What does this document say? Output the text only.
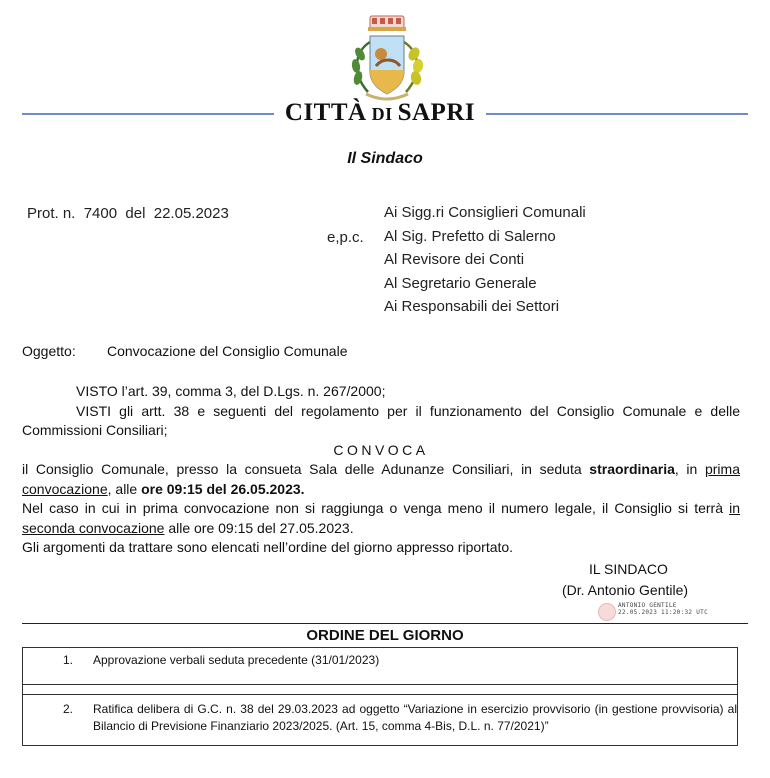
CITTÀ DI SAPRI
Il Sindaco
Prot. n.  7400  del  22.05.2023
e,p.c.
Ai Sigg.ri Consiglieri Comunali
Al Sig. Prefetto di Salerno
Al Revisore dei Conti
Al Segretario Generale
Ai Responsabili dei Settori
Oggetto: Convocazione del Consiglio Comunale

VISTO l’art. 39, comma 3, del D.Lgs. n. 267/2000;

VISTI gli artt. 38 e seguenti del regolamento per il funzionamento del Consiglio Comunale e delle Commissioni Consiliari;

CONVOCA

il Consiglio Comunale, presso la consueta Sala delle Adunanze Consiliari, in seduta straordinaria, in prima convocazione, alle ore 09:15 del 26.05.2023.

Nel caso in cui in prima convocazione non si raggiunga o venga meno il numero legale, il Consiglio si terrà in seconda convocazione alle ore 09:15 del 27.05.2023.

Gli argomenti da trattare sono elencati nell’ordine del giorno appresso riportato.

IL SINDACO
(Dr. Antonio Gentile)
ANTONIO GENTILE
22.05.2023 11:20:32 UTC
ORDINE DEL GIORNO
1.	Approvazione verbali seduta precedente (31/01/2023)

2.	Ratifica delibera di G.C. n. 38 del 29.03.2023 ad oggetto “Variazione in esercizio provvisorio (in gestione provvisoria) al Bilancio di Previsione Finanziario 2023/2025. (Art. 15, comma 4-Bis, D.L. n. 77/2021)”
